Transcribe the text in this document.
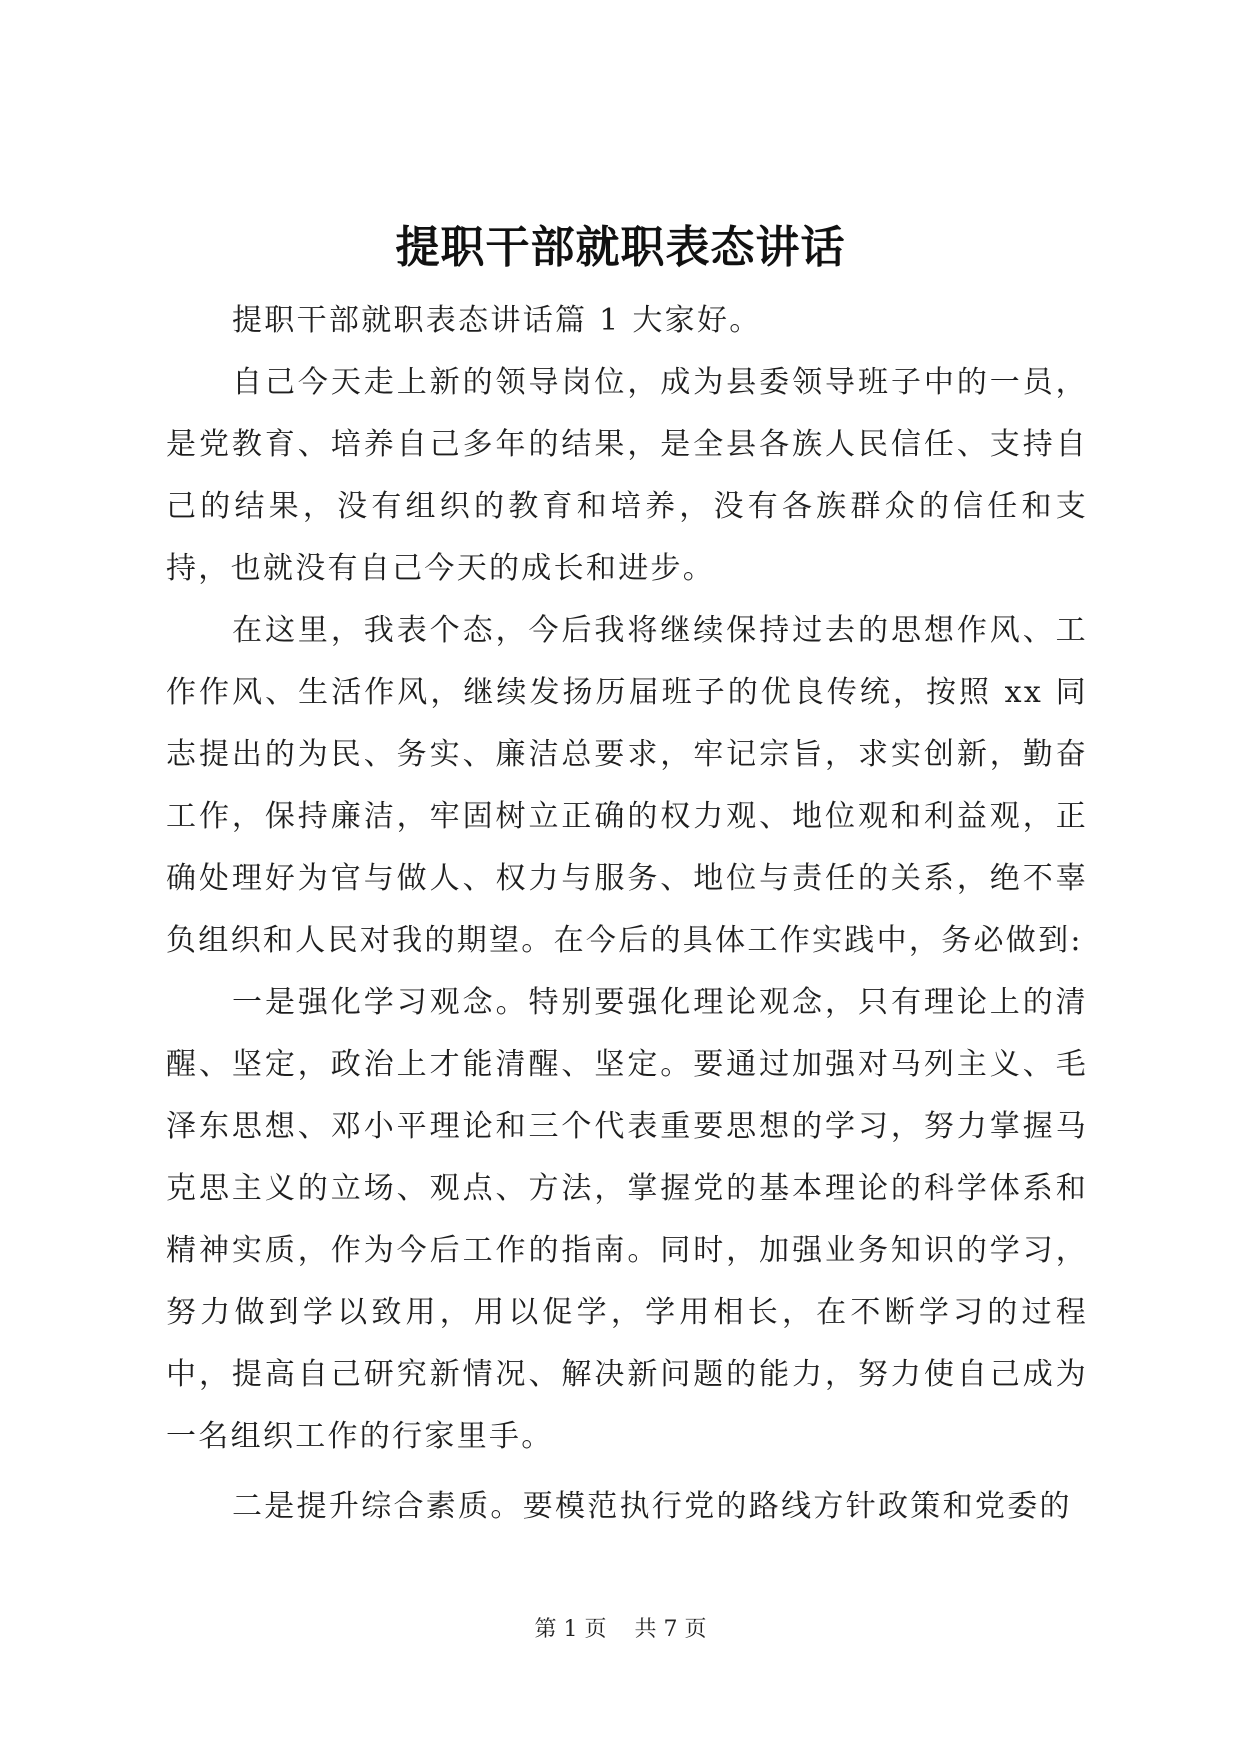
提职干部就职表态讲话

提职干部就职表态讲话篇 1 大家好。

自己今天走上新的领导岗位，成为县委领导班子中的一员，是党教育、培养自己多年的结果，是全县各族人民信任、支持自己的结果，没有组织的教育和培养，没有各族群众的信任和支持，也就没有自己今天的成长和进步。

在这里，我表个态，今后我将继续保持过去的思想作风、工作作风、生活作风，继续发扬历届班子的优良传统，按照 xx 同志提出的为民、务实、廉洁总要求，牢记宗旨，求实创新，勤奋工作，保持廉洁，牢固树立正确的权力观、地位观和利益观，正确处理好为官与做人、权力与服务、地位与责任的关系，绝不辜负组织和人民对我的期望。在今后的具体工作实践中，务必做到:

一是强化学习观念。特别要强化理论观念，只有理论上的清醒、坚定，政治上才能清醒、坚定。要通过加强对马列主义、毛泽东思想、邓小平理论和三个代表重要思想的学习，努力掌握马克思主义的立场、观点、方法，掌握党的基本理论的科学体系和精神实质，作为今后工作的指南。同时，加强业务知识的学习，努力做到学以致用，用以促学，学用相长，在不断学习的过程中，提高自己研究新情况、解决新问题的能力，努力使自己成为一名组织工作的行家里手。

二是提升综合素质。要模范执行党的路线方针政策和党委的

第 1 页 共 7 页
